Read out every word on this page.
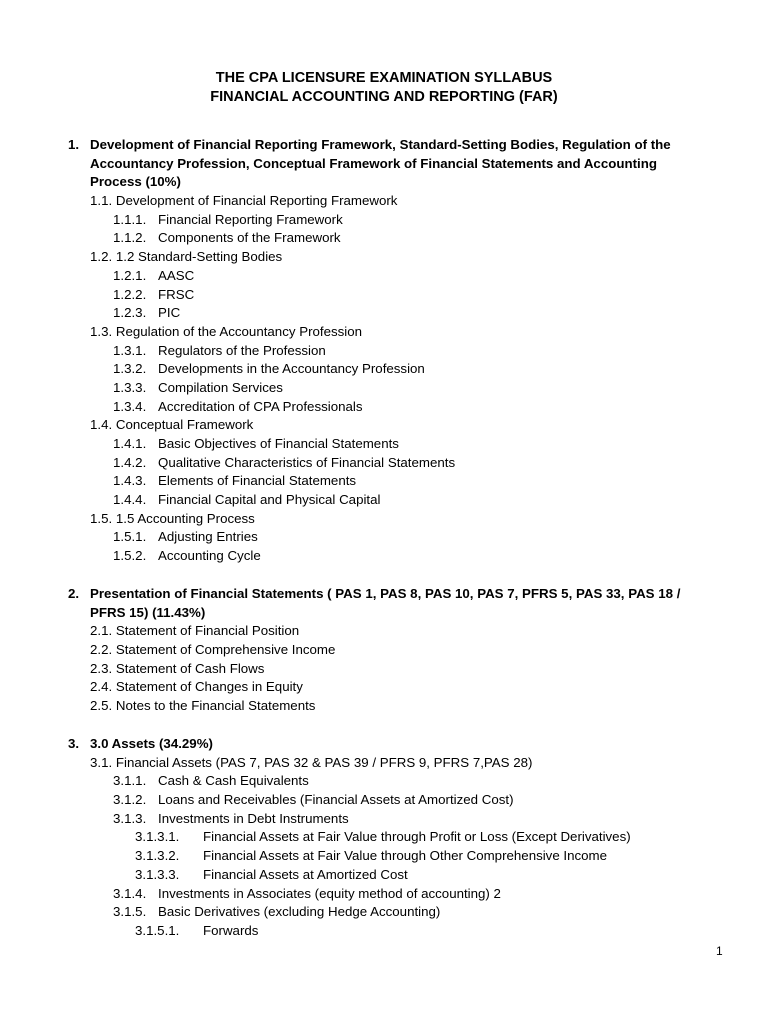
THE CPA LICENSURE EXAMINATION SYLLABUS
FINANCIAL ACCOUNTING AND REPORTING (FAR)
1. Development of Financial Reporting Framework, Standard-Setting Bodies, Regulation of the Accountancy Profession, Conceptual Framework of Financial Statements and Accounting Process (10%)
1.1. Development of Financial Reporting Framework
1.1.1. Financial Reporting Framework
1.1.2. Components of the Framework
1.2. 1.2 Standard-Setting Bodies
1.2.1. AASC
1.2.2. FRSC
1.2.3. PIC
1.3. Regulation of the Accountancy Profession
1.3.1. Regulators of the Profession
1.3.2. Developments in the Accountancy Profession
1.3.3. Compilation Services
1.3.4. Accreditation of CPA Professionals
1.4. Conceptual Framework
1.4.1. Basic Objectives of Financial Statements
1.4.2. Qualitative Characteristics of Financial Statements
1.4.3. Elements of Financial Statements
1.4.4. Financial Capital and Physical Capital
1.5. 1.5 Accounting Process
1.5.1. Adjusting Entries
1.5.2. Accounting Cycle
2. Presentation of Financial Statements ( PAS 1, PAS 8, PAS 10, PAS 7, PFRS 5, PAS 33, PAS 18 / PFRS 15) (11.43%)
2.1. Statement of Financial Position
2.2. Statement of Comprehensive Income
2.3. Statement of Cash Flows
2.4. Statement of Changes in Equity
2.5. Notes to the Financial Statements
3. 3.0 Assets (34.29%)
3.1. Financial Assets (PAS 7, PAS 32 & PAS 39 / PFRS 9, PFRS 7,PAS 28)
3.1.1. Cash & Cash Equivalents
3.1.2. Loans and Receivables (Financial Assets at Amortized Cost)
3.1.3. Investments in Debt Instruments
3.1.3.1. Financial Assets at Fair Value through Profit or Loss (Except Derivatives)
3.1.3.2. Financial Assets at Fair Value through Other Comprehensive Income
3.1.3.3. Financial Assets at Amortized Cost
3.1.4. Investments in Associates (equity method of accounting) 2
3.1.5. Basic Derivatives (excluding Hedge Accounting)
3.1.5.1. Forwards
1
